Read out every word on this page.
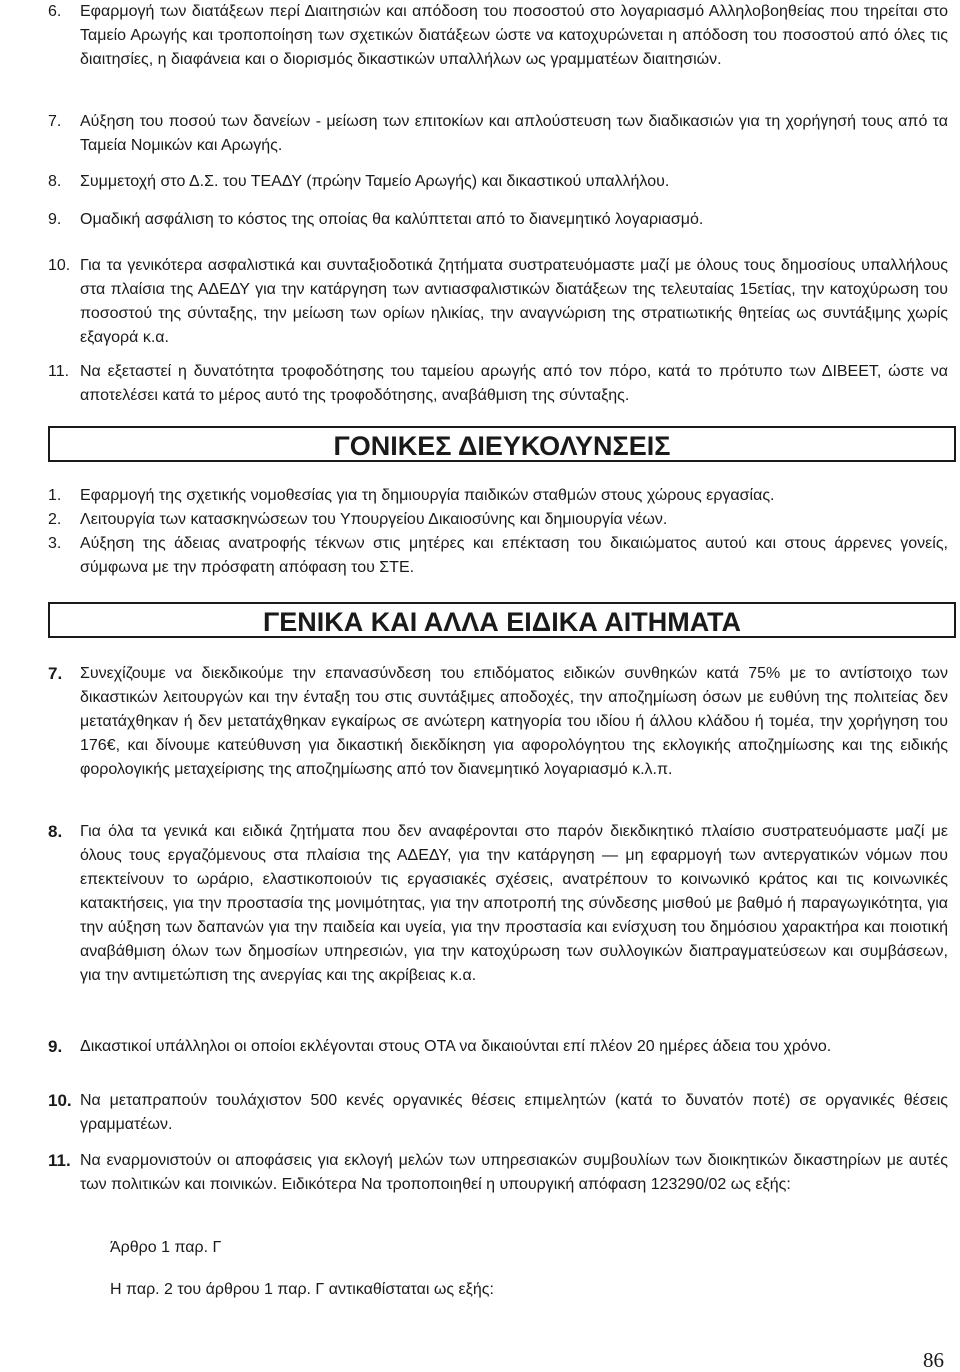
6.	Εφαρμογή των διατάξεων περί Διαιτησιών και απόδοση του ποσοστού στο λογαριασμό Αλληλοβοηθείας που τηρείται στο Ταμείο Αρωγής και τροποποίηση των σχετικών διατάξεων ώστε να κατοχυρώνεται η απόδοση του ποσοστού από όλες τις διαιτησίες, η διαφάνεια και ο διορισμός δικαστικών υπαλλήλων ως γραμματέων διαιτησιών.

7.	Αύξηση του ποσού των δανείων - μείωση των επιτοκίων και απλούστευση των διαδικασιών για τη χορήγησή τους από τα Ταμεία Νομικών και Αρωγής.

8.	Συμμετοχή στο Δ.Σ. του ΤΕΑΔΥ (πρώην Ταμείο Αρωγής) και δικαστικού υπαλλήλου.

9.	Ομαδική ασφάλιση το κόστος της οποίας θα καλύπτεται από το διανεμητικό λογαριασμό.

10. Για τα γενικότερα ασφαλιστικά και συνταξιοδοτικά ζητήματα συστρατευόμαστε μαζί με όλους τους δημοσίους υπαλλήλους στα πλαίσια της ΑΔΕΔΥ για την κατάργηση των αντιασφαλιστικών διατάξεων της τελευταίας 15ετίας, την κατοχύρωση του ποσοστού της σύνταξης, την μείωση των ορίων ηλικίας, την αναγνώριση της στρατιωτικής θητείας ως συντάξιμης χωρίς εξαγορά κ.α.

11. Να εξεταστεί η δυνατότητα τροφοδότησης του ταμείου αρωγής από τον πόρο, κατά το πρότυπο των ΔΙΒΕΕΤ, ώστε να αποτελέσει κατά το μέρος αυτό της τροφοδότησης, αναβάθμιση της σύνταξης.

ΓΟΝΙΚΕΣ ΔΙΕΥΚΟΛΥΝΣΕΙΣ
1.	Εφαρμογή της σχετικής νομοθεσίας για τη δημιουργία παιδικών σταθμών στους χώρους εργασίας.

2.	Λειτουργία των κατασκηνώσεων του Υπουργείου Δικαιοσύνης και δημιουργία νέων.

3.	Αύξηση της άδειας ανατροφής τέκνων στις μητέρες και επέκταση του δικαιώματος αυτού και στους άρρενες γονείς, σύμφωνα με την πρόσφατη απόφαση του ΣΤΕ.

ΓΕΝΙΚΑ ΚΑΙ ΑΛΛΑ ΕΙΔΙΚΑ ΑΙΤΗΜΑΤΑ
7.	Συνεχίζουμε να διεκδικούμε την επανασύνδεση του επιδόματος ειδικών συνθηκών κατά 75% με το αντίστοιχο των δικαστικών λειτουργών και την ένταξη του στις συντάξιμες αποδοχές, την αποζημίωση όσων με ευθύνη της πολιτείας δεν μετατάχθηκαν ή δεν μετατάχθηκαν εγκαίρως σε ανώτερη κατηγορία του ιδίου ή άλλου κλάδου ή τομέα, την χορήγηση του 176€, και δίνουμε κατεύθυνση για δικαστική διεκδίκηση για αφορολόγητου της εκλογικής αποζημίωσης και της ειδικής φορολογικής μεταχείρισης της αποζημίωσης από τον διανεμητικό λογαριασμό κ.λ.π.

8.	Για όλα τα γενικά και ειδικά ζητήματα που δεν αναφέρονται στο παρόν διεκδικητικό πλαίσιο συστρατευόμαστε μαζί με όλους τους εργαζόμενους στα πλαίσια της ΑΔΕΔΥ, για την κατάργηση — μη εφαρμογή των αντεργατικών νόμων που επεκτείνουν το ωράριο, ελαστικοποιούν τις εργασιακές σχέσεις, ανατρέπουν το κοινωνικό κράτος και τις κοινωνικές κατακτήσεις, για την προστασία της μονιμότητας, για την αποτροπή της σύνδεσης μισθού με βαθμό ή παραγωγικότητα, για την αύξηση των δαπανών για την παιδεία και υγεία, για την προστασία και ενίσχυση του δημόσιου χαρακτήρα και ποιοτική αναβάθμιση όλων των δημοσίων υπηρεσιών, για την κατοχύρωση των συλλογικών διαπραγματεύσεων και συμβάσεων, για την αντιμετώπιση της ανεργίας και της ακρίβειας κ.α.

9.	Δικαστικοί υπάλληλοι οι οποίοι εκλέγονται στους ΟΤΑ να δικαιούνται επί πλέον 20 ημέρες άδεια του χρόνο.

10. Να μεταπραπούν τουλάχιστον 500 κενές οργανικές θέσεις επιμελητών (κατά το δυνατόν ποτέ) σε οργανικές θέσεις γραμματέων.

11. Να εναρμονιστούν οι αποφάσεις για εκλογή μελών των υπηρεσιακών συμβουλίων των διοικητικών δικαστηρίων με αυτές των πολιτικών και ποινικών. Ειδικότερα Να τροποποιηθεί η υπουργική απόφαση 123290/02 ως εξής:

Άρθρο 1 παρ. Γ
Η παρ. 2 του άρθρου 1 παρ. Γ αντικαθίσταται ως εξής:
86
